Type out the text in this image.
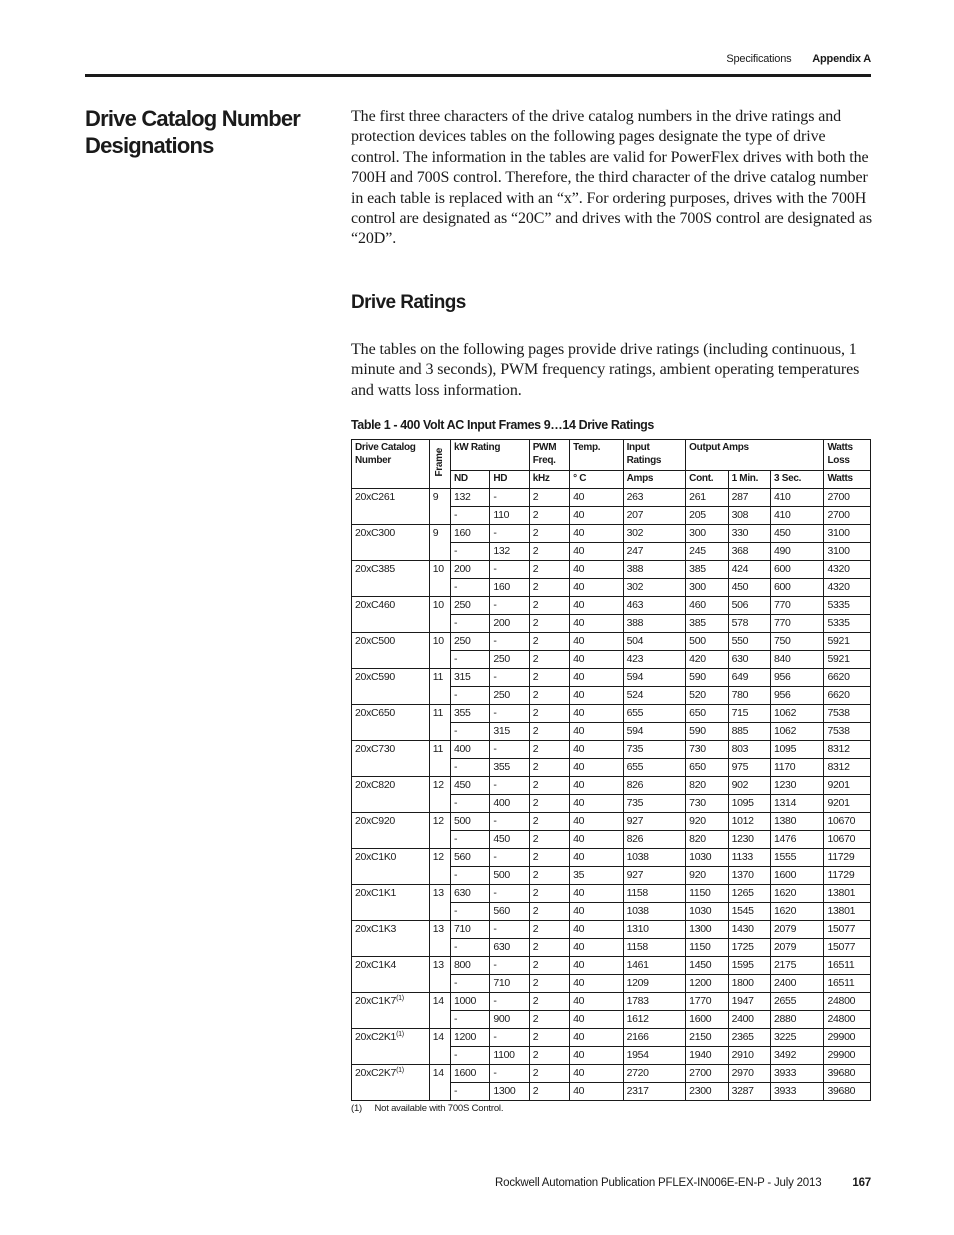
Specifications Appendix A
Drive Catalog Number Designations

The first three characters of the drive catalog numbers in the drive ratings and protection devices tables on the following pages designate the type of drive control. The information in the tables are valid for PowerFlex drives with both the 700H and 700S control. Therefore, the third character of the drive catalog number in each table is replaced with an “x”. For ordering purposes, drives with the 700H control are designated as “20C” and drives with the 700S control are designated as “20D”.

Drive Ratings

The tables on the following pages provide drive ratings (including continuous, 1 minute and 3 seconds), PWM frequency ratings, ambient operating temperatures and watts loss information.

Table 1 - 400 Volt AC Input Frames 9…14 Drive Ratings

Drive Catalog Number	Frame	kW Rating		PWM Freq.	Temp.	Input Ratings	Output Amps			Watts Loss
		ND	HD	kHz	° C	Amps	Cont.	1 Min.	3 Sec.	Watts
20xC261	9	132	-	2	40	263	261	287	410	2700
		-	110	2	40	207	205	308	410	2700
20xC300	9	160	-	2	40	302	300	330	450	3100
		-	132	2	40	247	245	368	490	3100
20xC385	10	200	-	2	40	388	385	424	600	4320
		-	160	2	40	302	300	450	600	4320
20xC460	10	250	-	2	40	463	460	506	770	5335
		-	200	2	40	388	385	578	770	5335
20xC500	10	250	-	2	40	504	500	550	750	5921
		-	250	2	40	423	420	630	840	5921
20xC590	11	315	-	2	40	594	590	649	956	6620
		-	250	2	40	524	520	780	956	6620
20xC650	11	355	-	2	40	655	650	715	1062	7538
		-	315	2	40	594	590	885	1062	7538
20xC730	11	400	-	2	40	735	730	803	1095	8312
		-	355	2	40	655	650	975	1170	8312
20xC820	12	450	-	2	40	826	820	902	1230	9201
		-	400	2	40	735	730	1095	1314	9201
20xC920	12	500	-	2	40	927	920	1012	1380	10670
		-	450	2	40	826	820	1230	1476	10670
20xC1K0	12	560	-	2	40	1038	1030	1133	1555	11729
		-	500	2	35	927	920	1370	1600	11729
20xC1K1	13	630	-	2	40	1158	1150	1265	1620	13801
		-	560	2	40	1038	1030	1545	1620	13801
20xC1K3	13	710	-	2	40	1310	1300	1430	2079	15077
		-	630	2	40	1158	1150	1725	2079	15077
20xC1K4	13	800	-	2	40	1461	1450	1595	2175	16511
		-	710	2	40	1209	1200	1800	2400	16511
20xC1K7$^{(1)}$	14	1000	-	2	40	1783	1770	1947	2655	24800
		-	900	2	40	1612	1600	2400	2880	24800
20xC2K1$^{(1)}$	14	1200	-	2	40	2166	2150	2365	3225	29900
		-	1100	2	40	1954	1940	2910	3492	29900
20xC2K7$^{(1)}$	14	1600	-	2	40	2720	2700	2970	3933	39680
		-	1300	2	40	2317	2300	3287	3933	39680
(1) Not available with 700S Control.
Rockwell Automation Publication PFLEX-IN006E-EN-P - July 2013	167
